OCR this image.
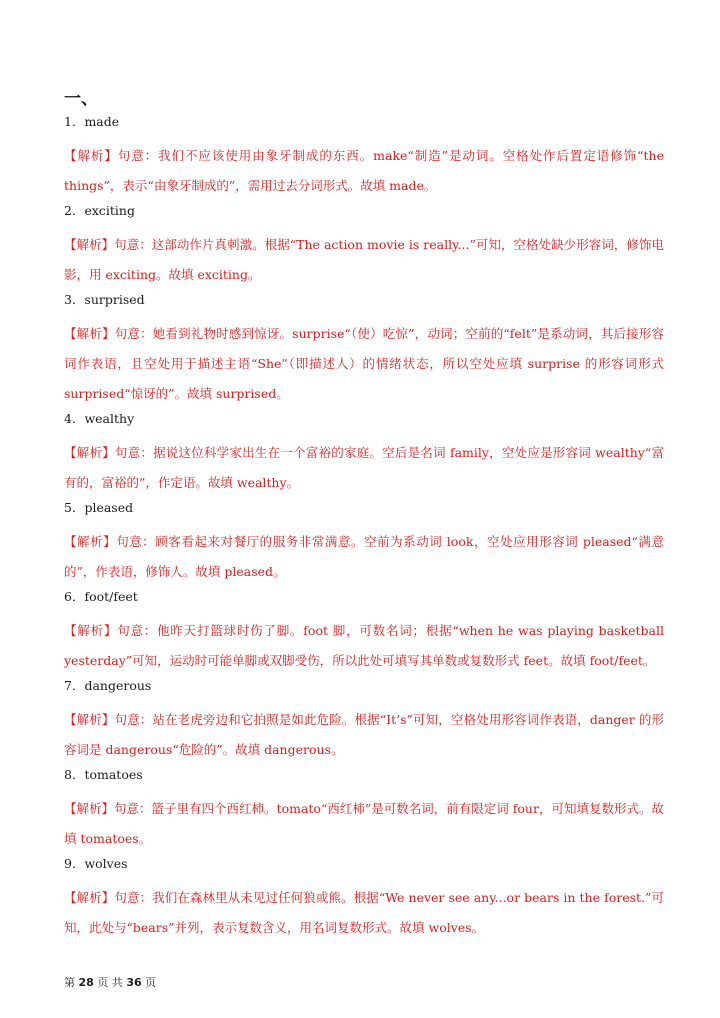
一、
1．made
【解析】句意：我们不应该使用由象牙制成的东西。make“制造”是动词。空格处作后置定语修饰“the things”，表示“由象牙制成的”，需用过去分词形式。故填 made。
2．exciting
【解析】句意：这部动作片真刺激。根据“The action movie is really...”可知，空格处缺少形容词，修饰电影，用 exciting。故填 exciting。
3．surprised
【解析】句意：她看到礼物时感到惊讶。surprise“（使）吃惊”，动词；空前的“felt”是系动词，其后接形容词作表语，且空处用于描述主语“She”（即描述人）的情绪状态，所以空处应填 surprise 的形容词形式 surprised“惊讶的”。故填 surprised。
4．wealthy
【解析】句意：据说这位科学家出生在一个富裕的家庭。空后是名词 family，空处应是形容词 wealthy“富有的，富裕的”，作定语。故填 wealthy。
5．pleased
【解析】句意：顾客看起来对餐厅的服务非常满意。空前为系动词 look，空处应用形容词 pleased“满意的”，作表语，修饰人。故填 pleased。
6．foot/feet
【解析】句意：他昨天打篮球时伤了脚。foot 脚，可数名词；根据“when he was playing basketball yesterday”可知，运动时可能单脚或双脚受伤，所以此处可填写其单数或复数形式 feet。故填 foot/feet。
7．dangerous
【解析】句意：站在老虎旁边和它拍照是如此危险。根据“It’s”可知，空格处用形容词作表语，danger 的形容词是 dangerous“危险的”。故填 dangerous。
8．tomatoes
【解析】句意：篮子里有四个西红柿。tomato“西红柿”是可数名词，前有限定词 four，可知填复数形式。故填 tomatoes。
9．wolves
【解析】句意：我们在森林里从未见过任何狼或熊。根据“We never see any...or bears in the forest.”可知，此处与“bears”并列，表示复数含义，用名词复数形式。故填 wolves。
第 28 页 共 36 页
